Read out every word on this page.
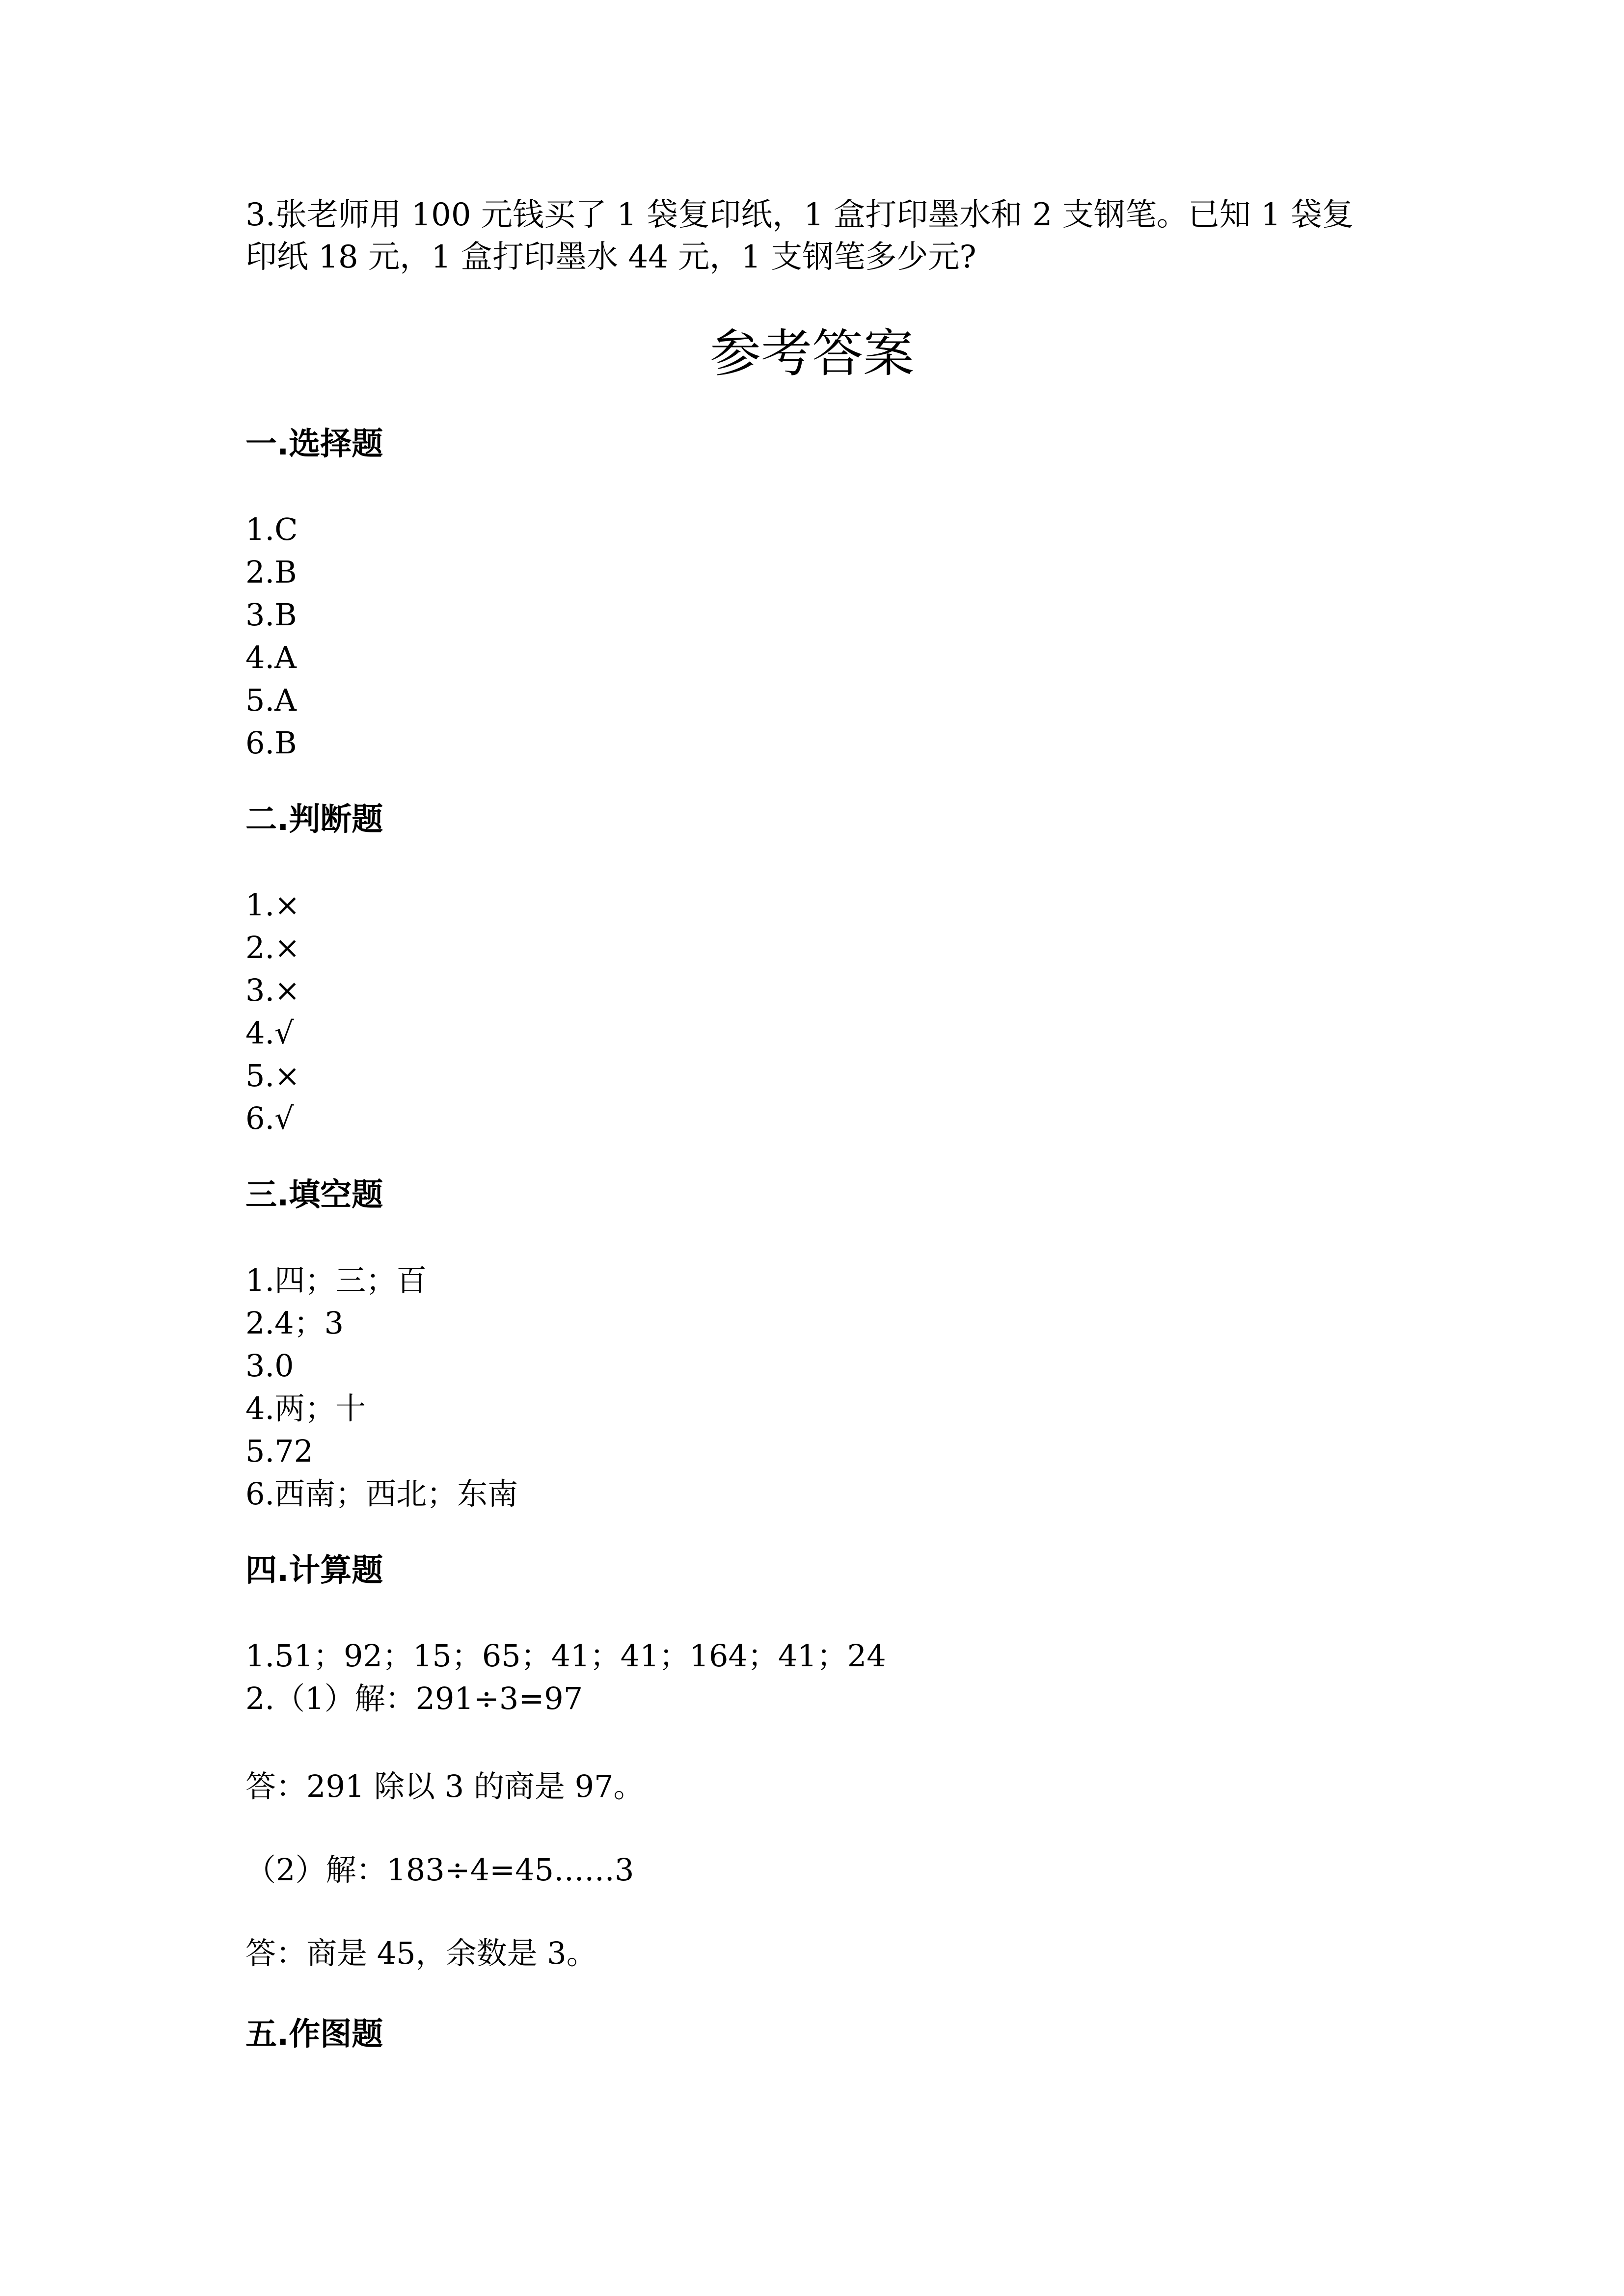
3.张老师用 100 元钱买了 1 袋复印纸，1 盒打印墨水和 2 支钢笔。已知 1 袋复印纸 18 元，1 盒打印墨水 44 元，1 支钢笔多少元?

参考答案
一.选择题
1.C
2.B
3.B
4.A
5.A
6.B
二.判断题
1.×
2.×
3.×
4.√
5.×
6.√
三.填空题
1.四；三；百
2.4；3
3.0
4.两；十
5.72
6.西南；西北；东南
四.计算题
1.51；92；15；65；41；41；164；41；24
2.（1）解：291÷3=97

答：291 除以 3 的商是 97。

（2）解：183÷4=45……3

答：商是 45，余数是 3。

五.作图题
